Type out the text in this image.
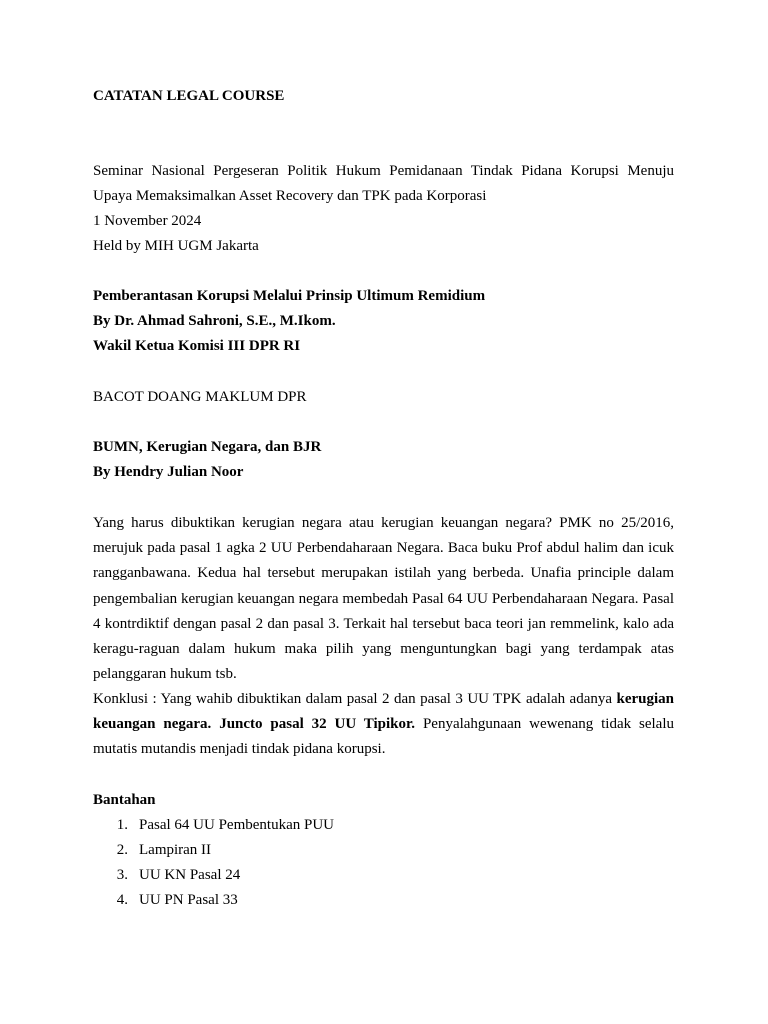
CATATAN LEGAL COURSE
Seminar Nasional Pergeseran Politik Hukum Pemidanaan Tindak Pidana Korupsi Menuju Upaya Memaksimalkan Asset Recovery dan TPK pada Korporasi
1 November 2024
Held by MIH UGM Jakarta
Pemberantasan Korupsi Melalui Prinsip Ultimum Remidium
By Dr. Ahmad Sahroni, S.E., M.Ikom.
Wakil Ketua Komisi III DPR RI
BACOT DOANG MAKLUM DPR
BUMN, Kerugian Negara, dan BJR
By Hendry Julian Noor
Yang harus dibuktikan kerugian negara atau kerugian keuangan negara? PMK no 25/2016, merujuk pada pasal 1 agka 2 UU Perbendaharaan Negara. Baca buku Prof abdul halim dan icuk rangganbawana. Kedua hal tersebut merupakan istilah yang berbeda. Unafia principle dalam pengembalian kerugian keuangan negara membedah Pasal 64 UU Perbendaharaan Negara. Pasal 4 kontrdiktif dengan pasal 2 dan pasal 3. Terkait hal tersebut baca teori jan remmelink, kalo ada keragu-raguan dalam hukum maka pilih yang menguntungkan bagi yang terdampak atas pelanggaran hukum tsb.
Konklusi : Yang wahib dibuktikan dalam pasal 2 dan pasal 3 UU TPK adalah adanya kerugian keuangan negara. Juncto pasal 32 UU Tipikor. Penyalahgunaan wewenang tidak selalu mutatis mutandis menjadi tindak pidana korupsi.
Bantahan
1. Pasal 64 UU Pembentukan PUU
2. Lampiran II
3. UU KN Pasal 24
4. UU PN Pasal 33
